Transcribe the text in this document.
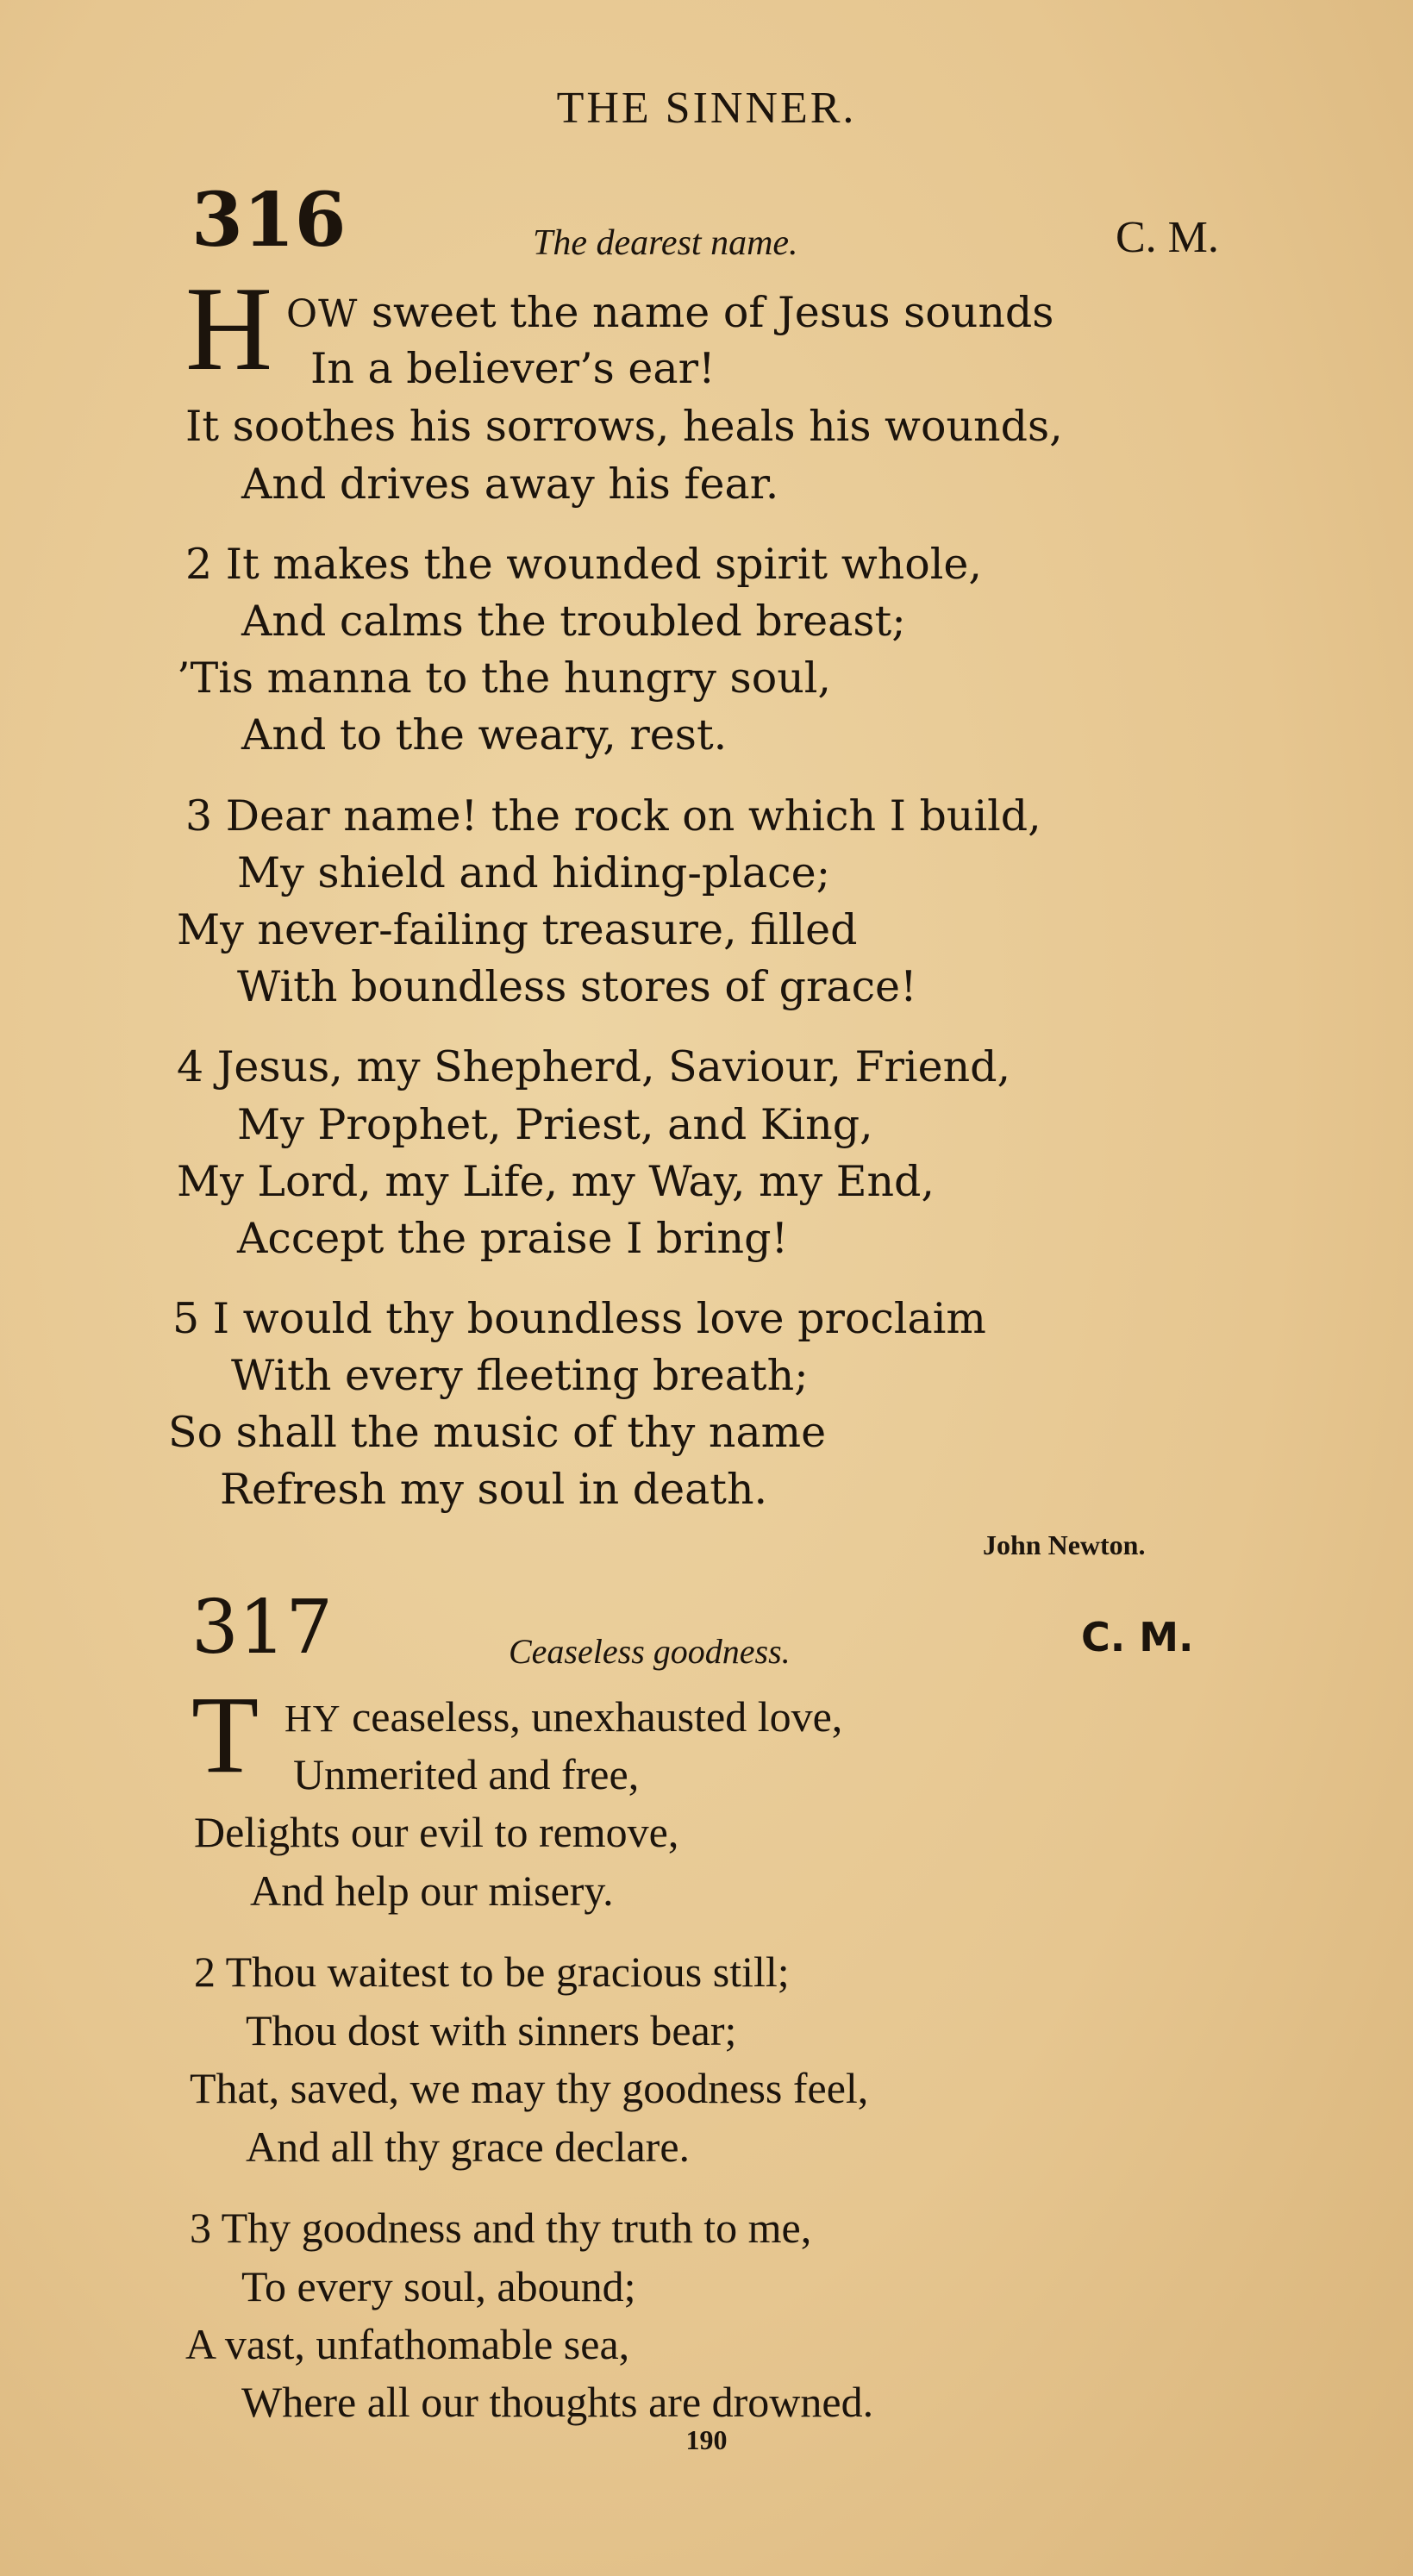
THE SINNER.
316	The dearest name.	C. M.
H OW sweet the name of Jesus sounds
In a believer’s ear!
It soothes his sorrows, heals his wounds,
And drives away his fear.
2 It makes the wounded spirit whole,
And calms the troubled breast;
’Tis manna to the hungry soul,
And to the weary, rest.
3 Dear name! the rock on which I build,
My shield and hiding-place;
My never-failing treasure, filled
With boundless stores of grace!
4 Jesus, my Shepherd, Saviour, Friend,
My Prophet, Priest, and King,
My Lord, my Life, my Way, my End,
Accept the praise I bring!
5 I would thy boundless love proclaim
With every fleeting breath;
So shall the music of thy name
Refresh my soul in death.
John Newton.
317	Ceaseless goodness.	C. M.
T HY ceaseless, unexhausted love,
Unmerited and free,
Delights our evil to remove,
And help our misery.
2 Thou waitest to be gracious still;
Thou dost with sinners bear;
That, saved, we may thy goodness feel,
And all thy grace declare.
3 Thy goodness and thy truth to me,
To every soul, abound;
A vast, unfathomable sea,
Where all our thoughts are drowned.
190
